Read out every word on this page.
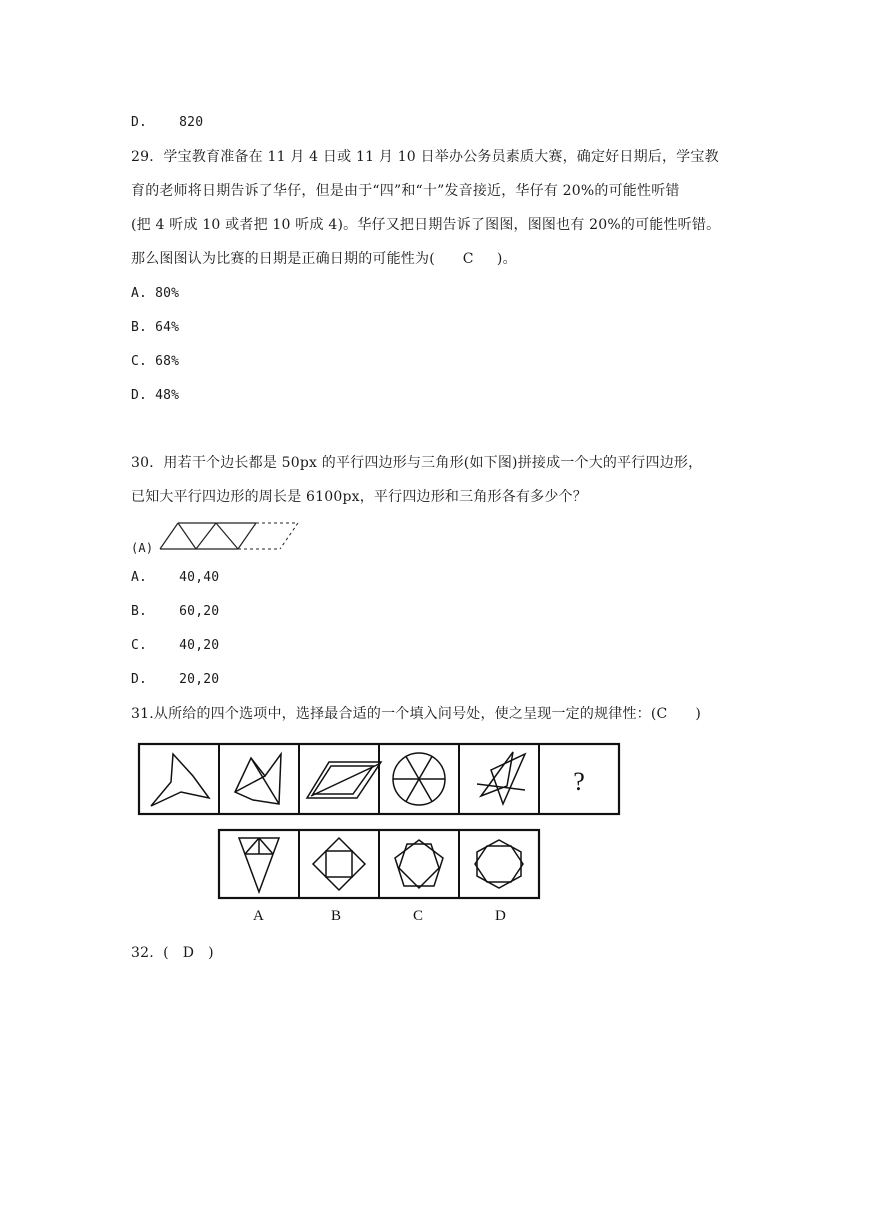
D.    820
29．学宝教育准备在 11 月 4 日或 11 月 10 日举办公务员素质大赛，确定好日期后，学宝教
育的老师将日期告诉了华仔，但是由于“四”和“十”发音接近，华仔有 20%的可能性听错
(把 4 听成 10 或者把 10 听成 4)。华仔又把日期告诉了图图，图图也有 20%的可能性听错。
那么图图认为比赛的日期是正确日期的可能性为(      C     )。
A. 80%
B. 64%
C. 68%
D. 48%
30．用若干个边长都是 50px 的平行四边形与三角形(如下图)拼接成一个大的平行四边形，
已知大平行四边形的周长是 6100px，平行四边形和三角形各有多少个？
(A)
A.    40,40
B.    60,20
C.    40,20
D.    20,20
31.从所给的四个选项中，选择最合适的一个填入问号处，使之呈现一定的规律性：(C      )
?
A	B	C	D
32.  (   D   )
